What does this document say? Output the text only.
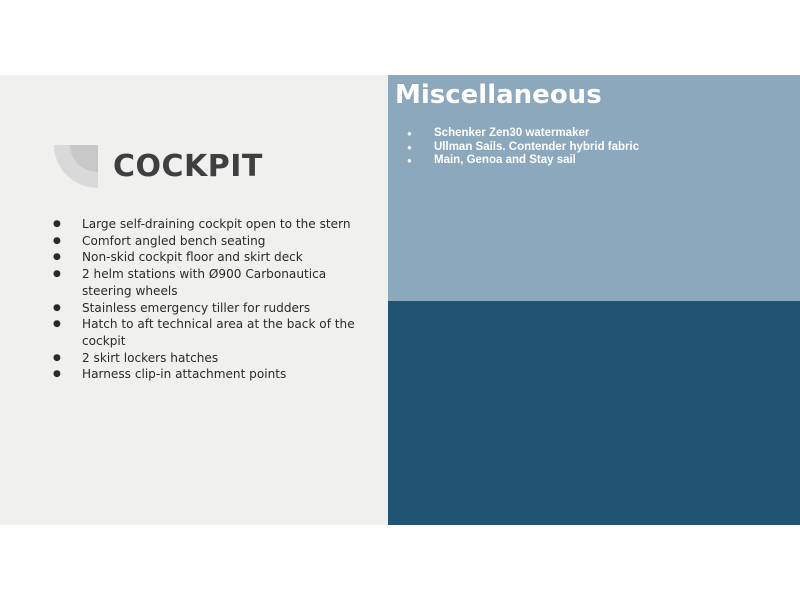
COCKPIT
● Large self-draining cockpit open to the stern
● Comfort angled bench seating
● Non-skid cockpit floor and skirt deck
● 2 helm stations with Ø900 Carbonautica steering wheels
● Stainless emergency tiller for rudders
● Hatch to aft technical area at the back of the cockpit
● 2 skirt lockers hatches
● Harness clip-in attachment points
Miscellaneous
● Schenker Zen30 watermaker
● Ullman Sails. Contender hybrid fabric
● Main, Genoa and Stay sail
